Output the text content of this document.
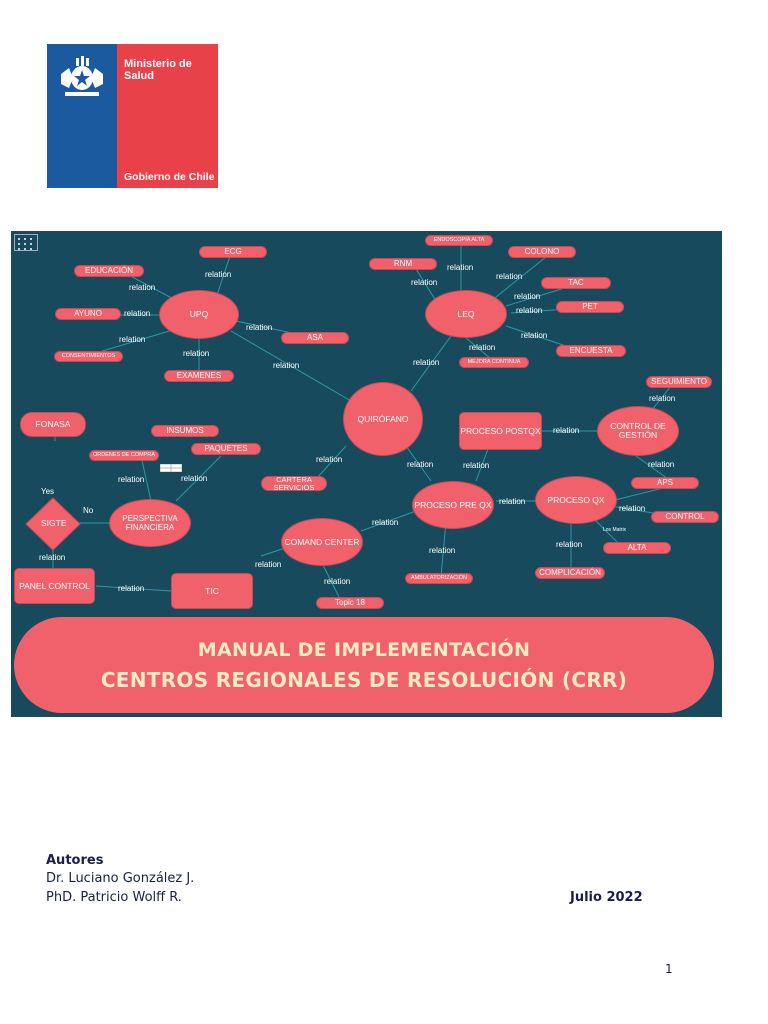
Ministerio de
Salud
Gobierno de Chile
ECG
relation
EDUCACIÓN
relation
UPQ
AYUNO	relation
relation
CONSENTIMIENTOS	relation
EXAMENES
relation
ASA
relation
ENDOSCOPIA ALTA
COLONO
RNM	relation
relation
relation	TAC
LEQ
relation
PET
relation
relation
relation	ENCUESTA
relation	MEJORA CONTINUA
SEGUIMIENTO
relation
QUIRÓFANO
PROCESO POSTQX relation	CONTROL DE GESTIÓN
FONASA
INSUMOS
ORDENES DE COMPRA
PAQUETES
relation
relation	relation	relation
relation	relation	CARTERA SERVICIOS
APS
Yes
PROCESO PRE QX relation	PROCESO QX
relation
No
SIGTE	PERSPECTIVA FINANCIERA
CONTROL
relation
COMAND CENTER
Los Matrix
relation	ALTA
relation
relation
relation
PANEL CONTROL	TIC
relation
AMBULATORIZACIÓN
COMPLICACIÓN
relation
Topic 18
MANUAL DE IMPLEMENTACIÓN
CENTROS REGIONALES DE RESOLUCIÓN (CRR)
Autores
Dr. Luciano González J.
PhD. Patricio Wolff R.	Julio 2022
1
